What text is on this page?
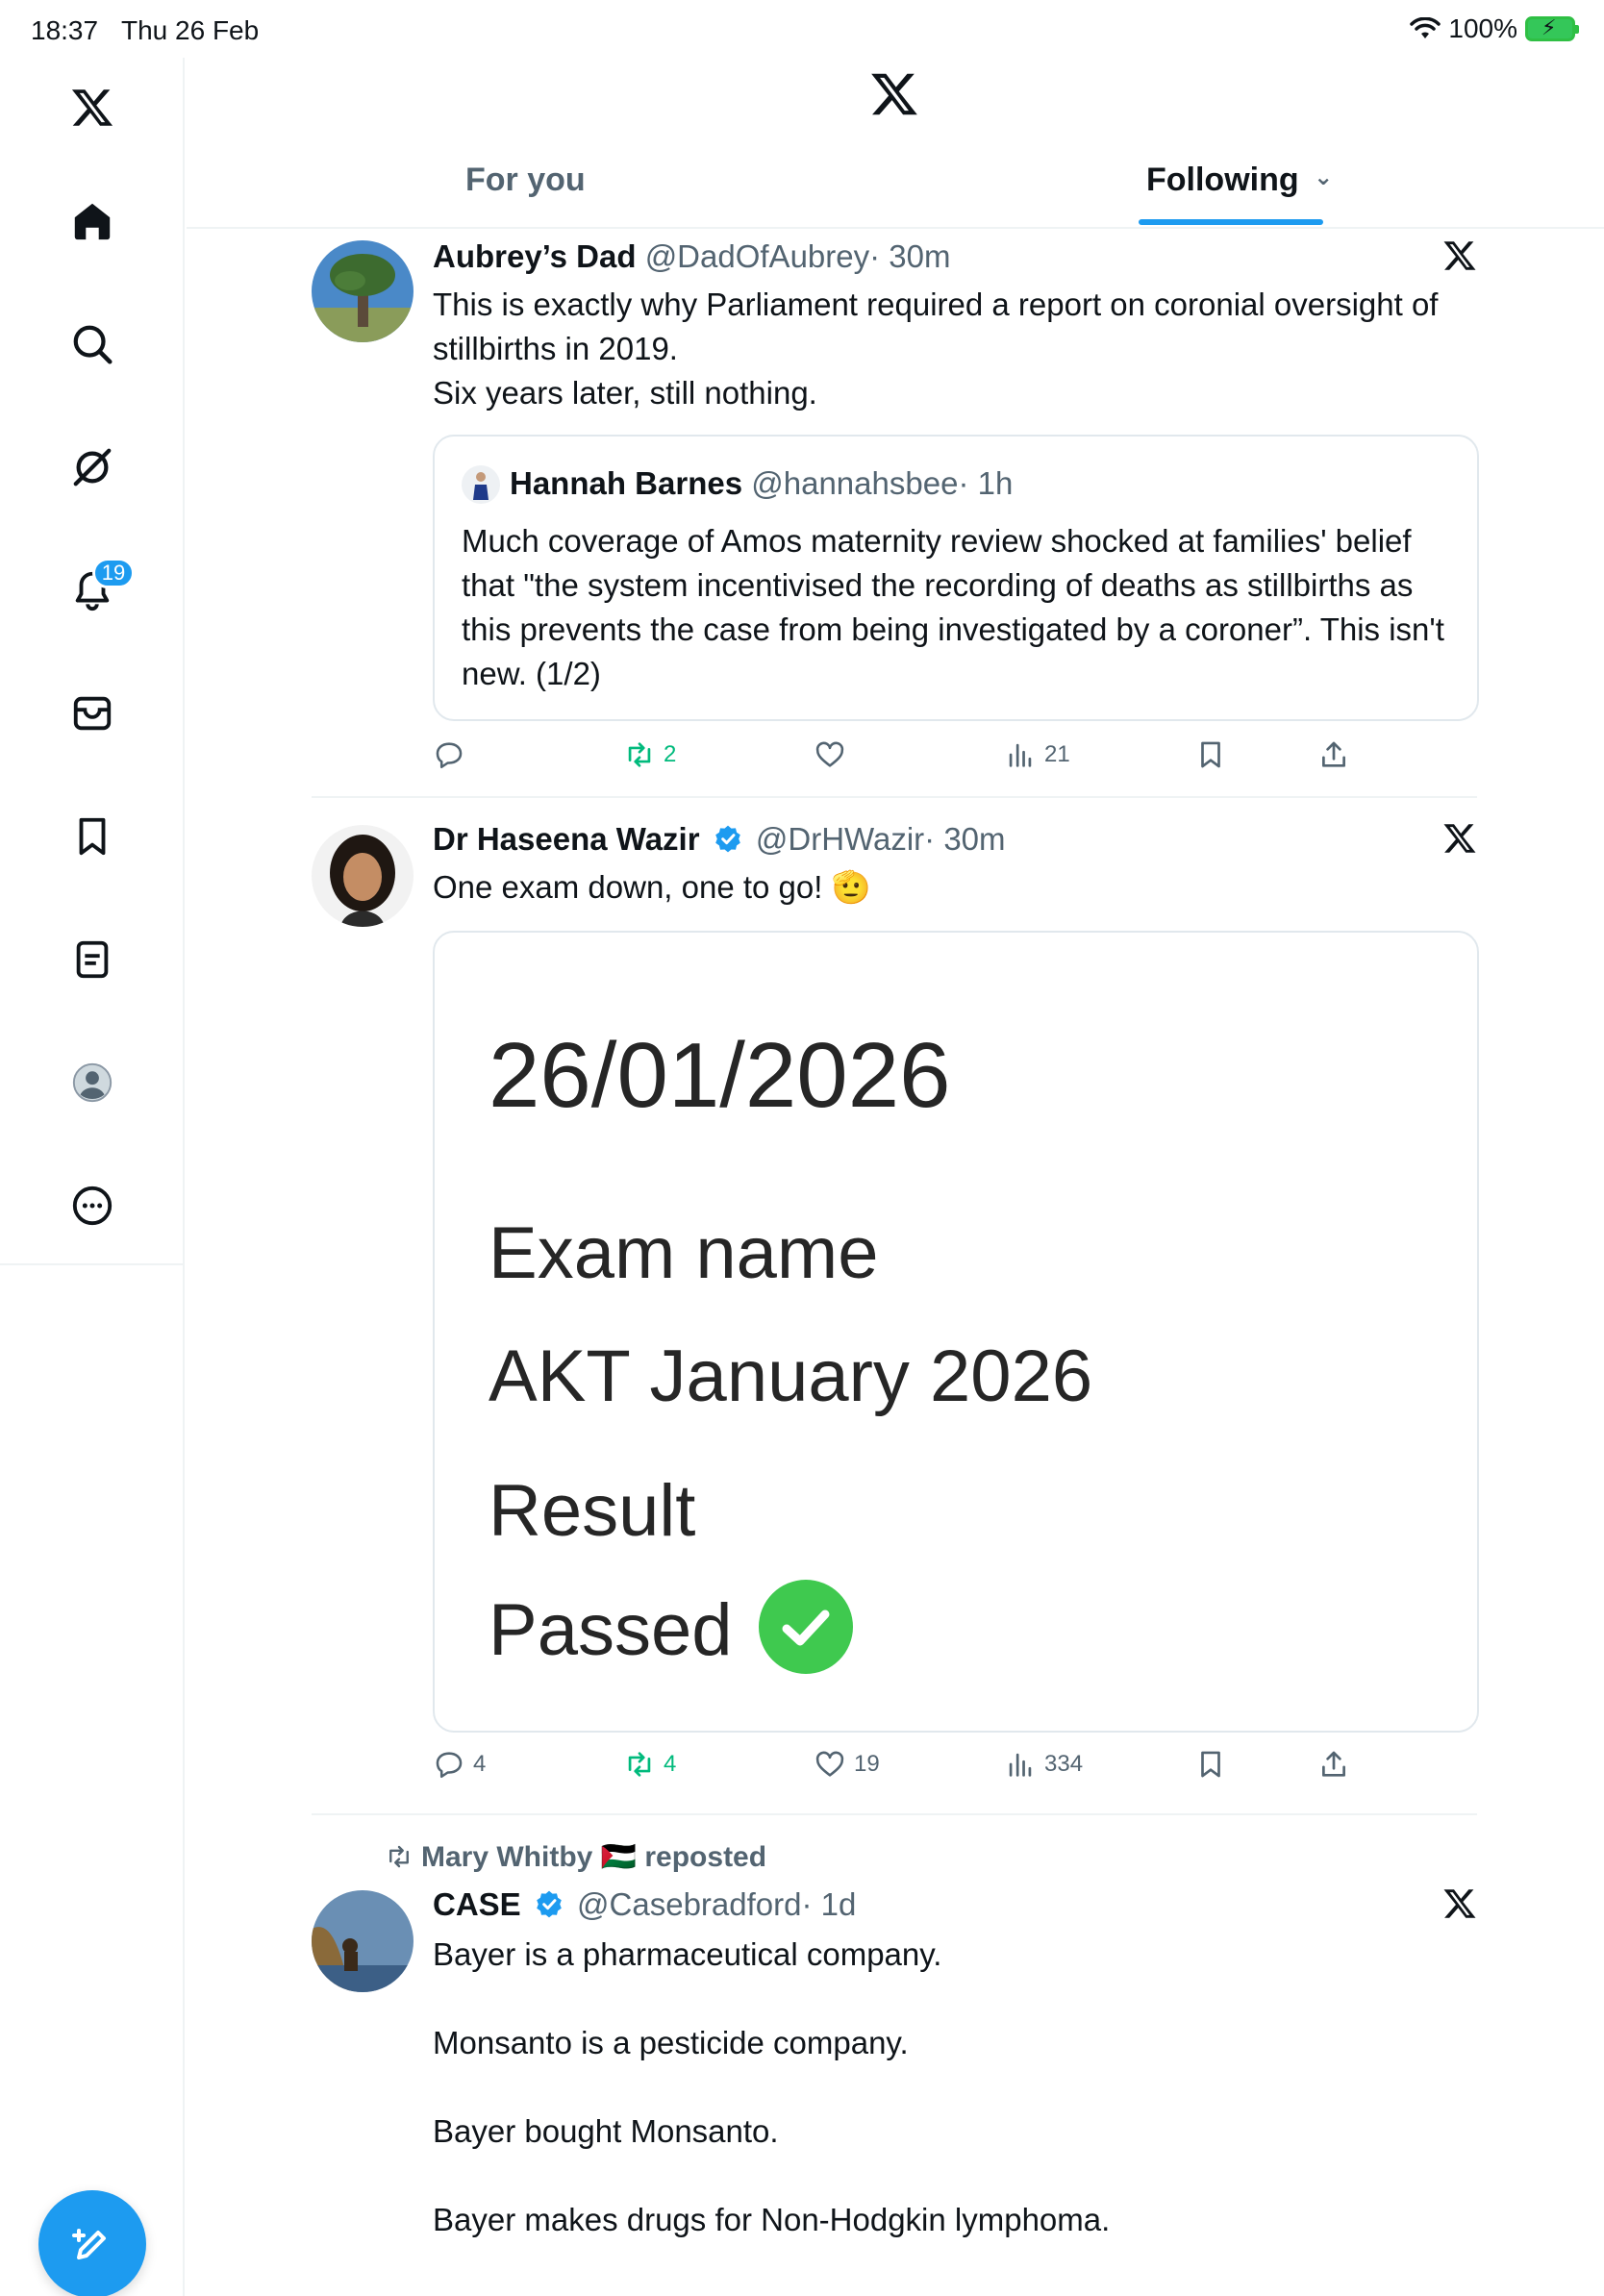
18:37 Thu 26 Feb	100% ⚡
19
For you	Following ⌄
Aubrey’s Dad @DadOfAubrey· 30m
This is exactly why Parliament required a report on coronial oversight of stillbirths in 2019.
Six years later, still nothing.
Hannah Barnes @hannahsbee· 1h
Much coverage of Amos maternity review shocked at families' belief that "the system incentivised the recording of deaths as stillbirths as this prevents the case from being investigated by a coroner”. This isn't new. (1/2)
2	21
Dr Haseena Wazir @DrHWazir· 30m
One exam down, one to go! 🫡
26/01/2026
Exam name
AKT January 2026
Result
Passed
4	4	19	334
Mary Whitby 🇵🇸 reposted
CASE @Casebradford· 1d
Bayer is a pharmaceutical company.
Monsanto is a pesticide company.
Bayer bought Monsanto.
Bayer makes drugs for Non-Hodgkin lymphoma.
